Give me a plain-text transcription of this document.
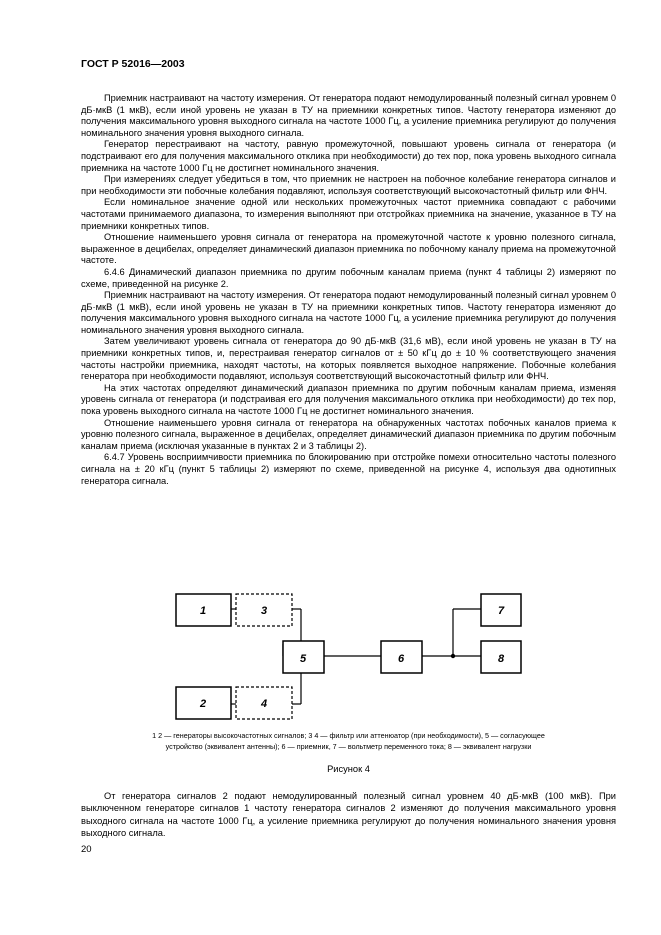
ГОСТ Р 52016—2003

Приемник настраивают на частоту измерения. От генератора подают немодулированный полезный сигнал уровнем 0 дБ·мкВ (1 мкВ), если иной уровень не указан в ТУ на приемники конкретных типов. Частоту генератора изменяют до получения максимального уровня выходного сигнала на частоте 1000 Гц, а усиление приемника регулируют до получения номинального значения уровня выходного сигнала.

Генератор перестраивают на частоту, равную промежуточной, повышают уровень сигнала от генератора (и подстраивают его для получения максимального отклика при необходимости) до тех пор, пока уровень выходного сигнала приемника на частоте 1000 Гц не достигнет номинального значения.

При измерениях следует убедиться в том, что приемник не настроен на побочное колебание генератора сигналов и при необходимости эти побочные колебания подавляют, используя соответствующий высокочастотный фильтр или ФНЧ.

Если номинальное значение одной или нескольких промежуточных частот приемника совпадают с рабочими частотами принимаемого диапазона, то измерения выполняют при отстройках приемника на значение, указанное в ТУ на приемники конкретных типов.

Отношение наименьшего уровня сигнала от генератора на промежуточной частоте к уровню полезного сигнала, выраженное в децибелах, определяет динамический диапазон приемника по побочному каналу приема на промежуточной частоте.

6.4.6 Динамический диапазон приемника по другим побочным каналам приема (пункт 4 таблицы 2) измеряют по схеме, приведенной на рисунке 2.

Приемник настраивают на частоту измерения. От генератора подают немодулированный полезный сигнал уровнем 0 дБ·мкВ (1 мкВ), если иной уровень не указан в ТУ на приемники конкретных типов. Частоту генератора изменяют до получения максимального уровня выходного сигнала на частоте 1000 Гц, а усиление приемника регулируют до получения номинального значения уровня выходного сигнала.

Затем увеличивают уровень сигнала от генератора до 90 дБ·мкВ (31,6 мВ), если иной уровень не указан в ТУ на приемники конкретных типов, и, перестраивая генератор сигналов от ± 50 кГц до ± 10 % соответствующего значения частоты настройки приемника, находят частоты, на которых появляется выходное напряжение. Побочные колебания генератора при необходимости подавляют, используя соответствующий высокочастотный фильтр или ФНЧ.

На этих частотах определяют динамический диапазон приемника по другим побочным каналам приема, изменяя уровень сигнала от генератора (и подстраивая его для получения максимального отклика при необходимости) до тех пор, пока уровень выходного сигнала на частоте 1000 Гц не достигнет номинального значения.

Отношение наименьшего уровня сигнала от генератора на обнаруженных частотах побочных каналов приема к уровню полезного сигнала, выраженное в децибелах, определяет динамический диапазон приемника по другим побочным каналам приема (исключая указанные в пунктах 2 и 3 таблицы 2).

6.4.7 Уровень восприимчивости приемника по блокированию при отстройке помехи относительно частоты полезного сигнала на ± 20 кГц (пункт 5 таблицы 2) измеряют по схеме, приведенной на рисунке 4, используя два однотипных генератора сигнала.

1	3
5	6
7
8
2	4

1 2 — генераторы высокочастотных сигналов; 3 4 — фильтр или аттенюатор (при необходимости), 5 — согласующее

устройство (эквивалент антенны); 6 — приемник, 7 — вольтметр переменного тока; 8 — эквивалент нагрузки

Рисунок 4

От генератора сигналов 2 подают немодулированный полезный сигнал уровнем 40 дБ·мкВ (100 мкВ). При выключенном генераторе сигналов 1 частоту генератора сигналов 2 изменяют до получения максимального уровня выходного сигнала на частоте 1000 Гц, а усиление приемника регулируют до получения номинального значения уровня выходного сигнала.

20
